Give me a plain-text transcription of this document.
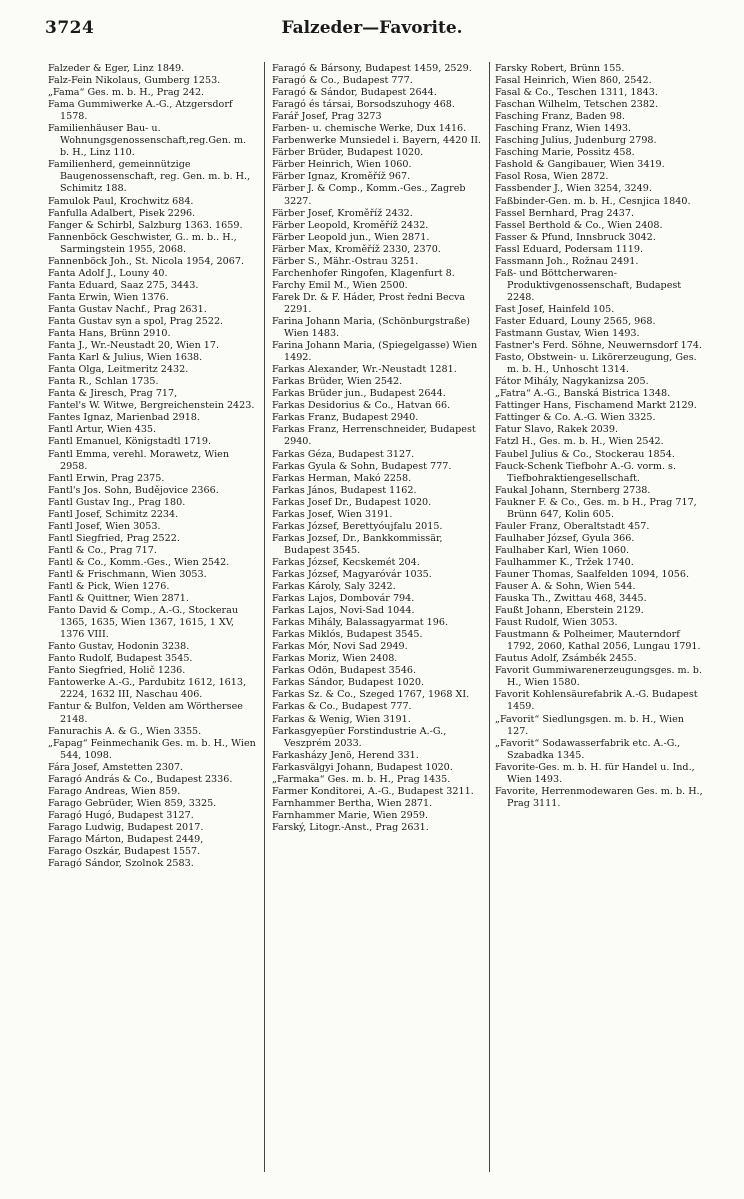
3724	Falzeder—Favorite.
Falzeder & Eger, Linz 1849.
Falz-Fein Nikolaus, Gumberg 1253.
„Fama“ Ges. m. b. H., Prag 242.
Fama Gummiwerke A.-G., Atzgersdorf 1578.
Familienhäuser Bau- u. Wohnungsgenossenschaft,reg.Gen. m. b. H., Linz 110.
Familienherd, gemeinnützige Baugenossenschaft, reg. Gen. m. b. H., Schimitz 188.
Famulok Paul, Krochwitz 684.
Fanfulla Adalbert, Pisek 2296.
Fanger & Schirbl, Salzburg 1363. 1659.
Fannenböck Geschwister, G.. m. b.. H., Sarmingstein 1955, 2068.
Fannenböck Joh., St. Nicola 1954, 2067.
Fanta Adolf J., Louny 40.
Fanta Eduard, Saaz 275, 3443.
Fanta Erwin, Wien 1376.
Fanta Gustav Nachf., Prag 2631.
Fanta Gustav syn a spol, Prag 2522.
Fanta Hans, Brünn 2910.
Fanta J., Wr.-Neustadt 20, Wien 17.
Fanta Karl & Julius, Wien 1638.
Fanta Olga, Leitmeritz 2432.
Fanta R., Schlan 1735.
Fanta & Jiresch, Prag 717,
Fantel's W. Witwe, Bergreichenstein 2423.
Fantes Ignaz, Marienbad 2918.
Fantl Artur, Wien 435.
Fantl Emanuel, Königstadtl 1719.
Fantl Emma, verehl. Morawetz, Wien 2958.
Fantl Erwin, Prag 2375.
Fantl's Jos. Sohn, Budějovice 2366.
Fantl Gustav Ing., Prag 180.
Fantl Josef, Schimitz 2234.
Fantl Josef, Wien 3053.
Fantl Siegfried, Prag 2522.
Fantl & Co., Prag 717.
Fantl & Co., Komm.-Ges., Wien 2542.
Fantl & Frischmann, Wien 3053.
Fantl & Pick, Wien 1276.
Fantl & Quittner, Wien 2871.
Fanto David & Comp., A.-G., Stockerau 1365, 1635, Wien 1367, 1615, 1 XV, 1376 VIII.
Fanto Gustav, Hodonin 3238.
Fanto Rudolf, Budapest 3545.
Fanto Siegfried, Holič 1236.
Fantowerke A.-G., Pardubitz 1612, 1613, 2224, 1632 III, Naschau 406.
Fantur & Bulfon, Velden am Wörthersee 2148.
Fanurachis A. & G., Wien 3355.
„Fapag“ Feinmechanik Ges. m. b. H., Wien 544, 1098.
Fára Josef, Amstetten 2307.
Faragó András & Co., Budapest 2336.
Farago Andreas, Wien 859.
Farago Gebrüder, Wien 859, 3325.
Faragó Hugó, Budapest 3127.
Farago Ludwig, Budapest 2017.
Farago Márton, Budapest 2449,
Farago Oszkár, Budapest 1557.
Faragó Sándor, Szolnok 2583.
Faragó & Bársony, Budapest 1459, 2529.
Faragó & Co., Budapest 777.
Faragó & Sándor, Budapest 2644.
Faragó és társai, Borsodszuhogy 468.
Farář Josef, Prag 3273
Farben- u. chemische Werke, Dux 1416.
Farbenwerke Munsiedel i. Bayern, 4420 II.
Färber Brüder, Budapest 1020.
Färber Heinrich, Wien 1060.
Färber Ignaz, Kroměříž 967.
Färber J. & Comp., Komm.-Ges., Zagreb 3227.
Färber Josef, Kroměříž 2432.
Färber Leopold, Kroměříž 2432.
Färber Leopold jun., Wien 2871.
Färber Max, Kroměříž 2330, 2370.
Färber S., Mähr.-Ostrau 3251.
Farchenhofer Ringofen, Klagenfurt 8.
Farchy Emil M., Wien 2500.
Farek Dr. & F. Háder, Prost ředni Becva 2291.
Farina Johann Maria, (Schönburgstraße) Wien 1483.
Farina Johann Maria, (Spiegelgasse) Wien 1492.
Farkas Alexander, Wr.-Neustadt 1281.
Farkas Brüder, Wien 2542.
Farkas Brüder jun., Budapest 2644.
Farkas Desidorius & Co., Hatvan 66.
Farkas Franz, Budapest 2940.
Farkas Franz, Herrenschneider, Budapest 2940.
Farkas Géza, Budapest 3127.
Farkas Gyula & Sohn, Budapest 777.
Farkas Herman, Makó 2258.
Farkas János, Budapest 1162.
Farkas Josef Dr., Budapest 1020.
Farkas Josef, Wien 3191.
Farkas József, Berettyóujfalu 2015.
Farkas Jozsef, Dr., Bankkommissär, Budapest 3545.
Farkas József, Kecskemét 204.
Farkas József, Magyaróvár 1035.
Farkas Károly, Saly 3242.
Farkas Lajos, Dombovár 794.
Farkas Lajos, Novi-Sad 1044.
Farkas Mihály, Balassagyarmat 196.
Farkas Miklós, Budapest 3545.
Farkas Mór, Novi Sad 2949.
Farkas Moriz, Wien 2408.
Farkas Odön, Budapest 3546.
Farkas Sándor, Budapest 1020.
Farkas Sz. & Co., Szeged 1767, 1968 XI.
Farkas & Co., Budapest 777.
Farkas & Wenig, Wien 3191.
Farkasgyepüer Forstindustrie A.-G., Veszprém 2033.
Farkasházy Jenö, Herend 331.
Farkasvälgyi Johann, Budapest 1020.
„Farmaka“ Ges. m. b. H., Prag 1435.
Farmer Konditorei, A.-G., Budapest 3211.
Farnhammer Bertha, Wien 2871.
Farnhammer Marie, Wien 2959.
Farský, Litogr.-Anst., Prag 2631.
Farsky Robert, Brünn 155.
Fasal Heinrich, Wien 860, 2542.
Fasal & Co., Teschen 1311, 1843.
Faschan Wilhelm, Tetschen 2382.
Fasching Franz, Baden 98.
Fasching Franz, Wien 1493.
Fasching Julius, Judenburg 2798.
Fasching Marie, Possitz 458.
Fashold & Gangibauer, Wien 3419.
Fasol Rosa, Wien 2872.
Fassbender J., Wien 3254, 3249.
Faßbinder-Gen. m. b. H., Cesnjica 1840.
Fassel Bernhard, Prag 2437.
Fassel Berthold & Co., Wien 2408.
Fasser & Pfund, Innsbruck 3042.
Fassl Eduard, Podersam 1119.
Fassmann Joh., Rožnau 2491.
Faß- und Böttcherwaren-Produktivgenossenschaft, Budapest 2248.
Fast Josef, Hainfeld 105.
Faster Eduard, Louny 2565, 968.
Fastmann Gustav, Wien 1493.
Fastner's Ferd. Söhne, Neuwernsdorf 174.
Fasto, Obstwein- u. Likörerzeugung, Ges. m. b. H., Unhoscht 1314.
Fátor Mihály, Nagykanizsa 205.
„Fatra“ A.-G., Banská Bistrica 1348.
Fattinger Hans, Fischamend Markt 2129.
Fattinger & Co. A.-G. Wien 3325.
Fatur Slavo, Rakek 2039.
Fatzl H., Ges. m. b. H., Wien 2542.
Faubel Julius & Co., Stockerau 1854.
Fauck-Schenk Tiefbohr A.-G. vorm. s. Tiefbohraktiengesellschaft.
Faukal Johann, Sternberg 2738.
Faukner F. & Co., Ges. m. b H., Prag 717, Brünn 647, Kolin 605.
Fauler Franz, Oberaltstadt 457.
Faulhaber József, Gyula 366.
Faulhaber Karl, Wien 1060.
Faulhammer K., Tržek 1740.
Fauner Thomas, Saalfelden 1094, 1056.
Fauser A. & Sohn, Wien 544.
Fauska Th., Zwittau 468, 3445.
Faußt Johann, Eberstein 2129.
Faust Rudolf, Wien 3053.
Faustmann & Polheimer, Mauterndorf 1792, 2060, Kathal 2056, Lungau 1791.
Fautus Adolf, Zsámbék 2455.
Favorit Gummiwarenerzeugungsges. m. b. H., Wien 1580.
Favorit Kohlensäurefabrik A.-G. Budapest 1459.
„Favorit“ Siedlungsgen. m. b. H., Wien 127.
„Favorit“ Sodawasserfabrik etc. A.-G., Szabadka 1345.
Favorite-Ges. m. b. H. für Handel u. Ind., Wien 1493.
Favorite, Herrenmodewaren Ges. m. b. H., Prag 3111.
